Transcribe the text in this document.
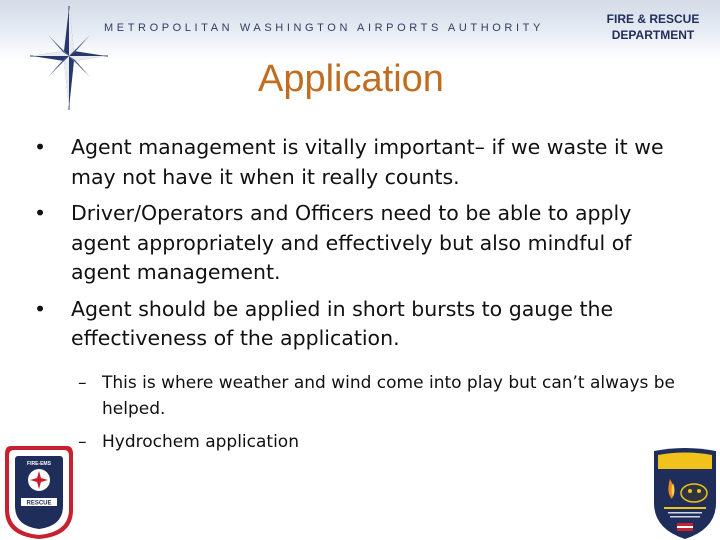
METROPOLITAN WASHINGTON AIRPORTS AUTHORITY
FIRE & RESCUE
DEPARTMENT
Application
• Agent management is vitally important– if we waste it we may not have it when it really counts.
• Driver/Operators and Officers need to be able to apply agent appropriately and effectively but also mindful of agent management.
• Agent should be applied in short bursts to gauge the effectiveness of the application.
– This is where weather and wind come into play but can’t always be helped.
– Hydrochem application
RESCUE
FIRE-EMS
